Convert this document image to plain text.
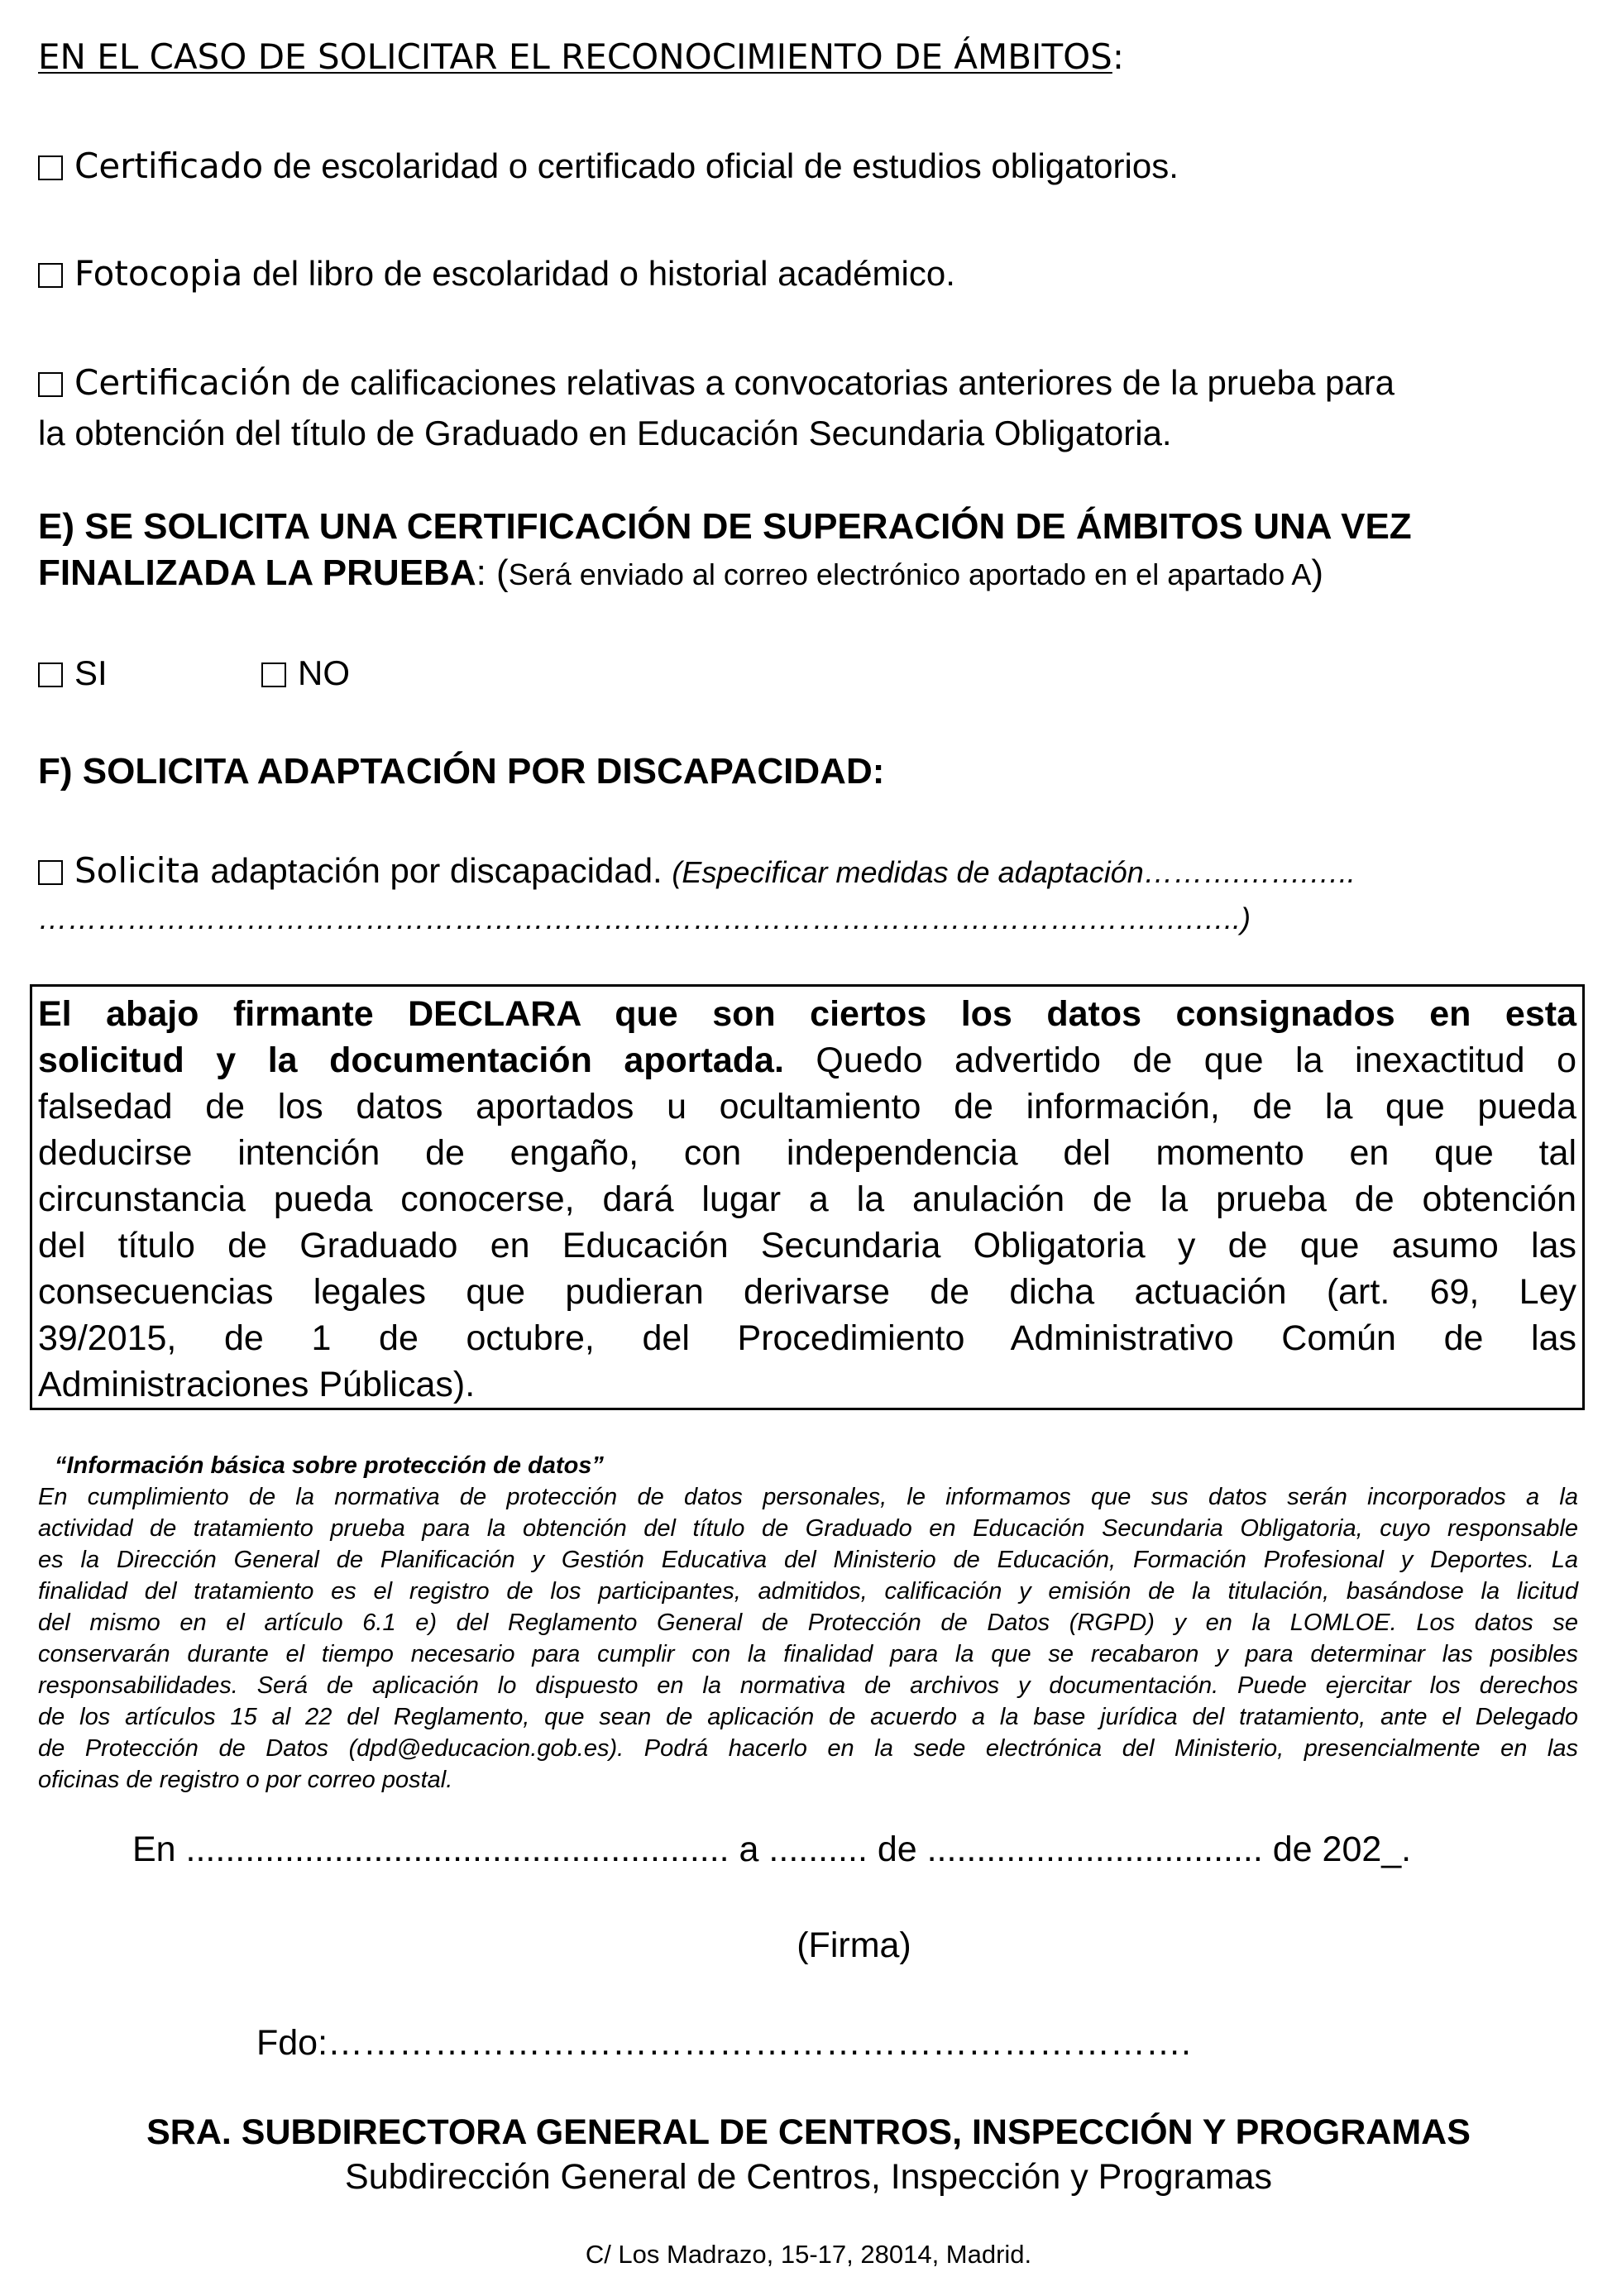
EN EL CASO DE SOLICITAR EL RECONOCIMIENTO DE ÁMBITOS:
Certificado de escolaridad o certificado oficial de estudios obligatorios.
Fotocopia del libro de escolaridad o historial académico.
Certificación de calificaciones relativas a convocatorias anteriores de la prueba para
la obtención del título de Graduado en Educación Secundaria Obligatoria.
E) SE SOLICITA UNA CERTIFICACIÓN DE SUPERACIÓN DE ÁMBITOS UNA VEZ
FINALIZADA LA PRUEBA: (Será enviado al correo electrónico aportado en el apartado A)
SI	NO
F) SOLICITA ADAPTACIÓN POR DISCAPACIDAD:
Solicita adaptación por discapacidad. (Especificar medidas de adaptación……….…….…..
…………………………………………………………………………………………….…….….…..)
El abajo firmante DECLARA que son ciertos los datos consignados en esta
solicitud y la documentación aportada. Quedo advertido de que la inexactitud o
falsedad de los datos aportados u ocultamiento de información, de la que pueda
deducirse intención de engaño, con independencia del momento en que tal
circunstancia pueda conocerse, dará lugar a la anulación de la prueba de obtención
del título de Graduado en Educación Secundaria Obligatoria y de que asumo las
consecuencias legales que pudieran derivarse de dicha actuación (art. 69, Ley
39/2015, de 1 de octubre, del Procedimiento Administrativo Común de las
Administraciones Públicas).
“Información básica sobre protección de datos”
En cumplimiento de la normativa de protección de datos personales, le informamos que sus datos serán incorporados a la
actividad de tratamiento prueba para la obtención del título de Graduado en Educación Secundaria Obligatoria, cuyo responsable
es la Dirección General de Planificación y Gestión Educativa del Ministerio de Educación, Formación Profesional y Deportes. La
finalidad del tratamiento es el registro de los participantes, admitidos, calificación y emisión de la titulación, basándose la licitud
del mismo en el artículo 6.1 e) del Reglamento General de Protección de Datos (RGPD) y en la LOMLOE. Los datos se
conservarán durante el tiempo necesario para cumplir con la finalidad para la que se recabaron y para determinar las posibles
responsabilidades. Será de aplicación lo dispuesto en la normativa de archivos y documentación. Puede ejercitar los derechos
de los artículos 15 al 22 del Reglamento, que sean de aplicación de acuerdo a la base jurídica del tratamiento, ante el Delegado
de Protección de Datos (dpd@educacion.gob.es). Podrá hacerlo en la sede electrónica del Ministerio, presencialmente en las
oficinas de registro o por correo postal.
En ....................................................... a .......... de .................................. de 202_.
(Firma)
Fdo:……………………………………………………………….
SRA. SUBDIRECTORA GENERAL DE CENTROS, INSPECCIÓN Y PROGRAMAS
Subdirección General de Centros, Inspección y Programas
C/ Los Madrazo, 15-17, 28014, Madrid.
